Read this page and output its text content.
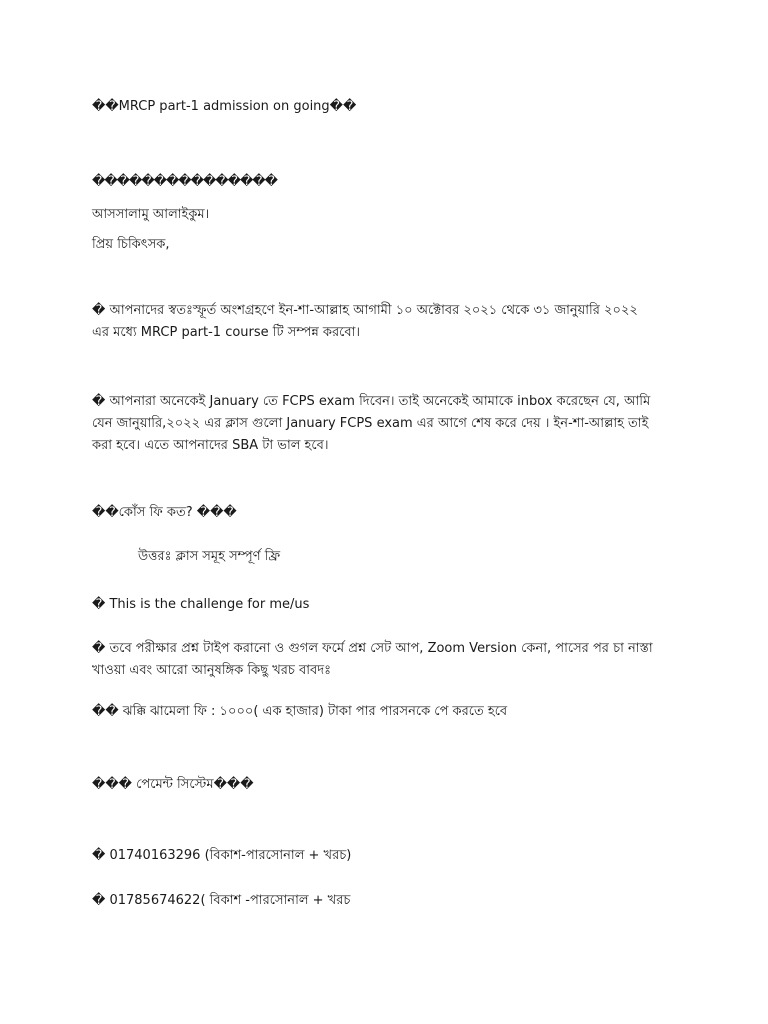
��MRCP part-1 admission on going��
���������������
আসসালামু আলাইকুম।
প্রিয় চিকিৎসক,
� আপনাদের স্বতঃস্ফূর্ত অংশগ্রহণে ইন-শা-আল্লাহ আগামী ১০ অক্টোবর ২০২১ থেকে ৩১ জানুয়ারি ২০২২
এর মধ্যে MRCP part-1 course টি সম্পন্ন করবো।
� আপনারা অনেকেই January তে FCPS exam দিবেন। তাই অনেকেই আমাকে inbox করেছেন যে, আমি
যেন জানুয়ারি,২০২২ এর ক্লাস গুলো January FCPS exam এর আগে শেষ করে দেয় । ইন-শা-আল্লাহ তাই
করা হবে। এতে আপনাদের SBA টা ভাল হবে।
��কোঁস ফি কত? ���
উত্তরঃ ক্লাস সমূহ সম্পূর্ণ ফ্রি
� This is the challenge for me/us
� তবে পরীক্ষার প্রশ্ন টাইপ করানো ও গুগল ফর্মে প্রশ্ন সেট আপ, Zoom Version কেনা, পাসের পর চা নাস্তা
খাওয়া এবং আরো আনুষঙ্গিক কিছু খরচ বাবদঃ
�� ঝক্কি ঝামেলা ফি : ১০০০( এক হাজার) টাকা পার পারসনকে পে করতে হবে
��� পেমেন্ট সিস্টেম���
� 01740163296 (বিকাশ-পারসোনাল + খরচ)
� 01785674622( বিকাশ -পারসোনাল + খরচ
